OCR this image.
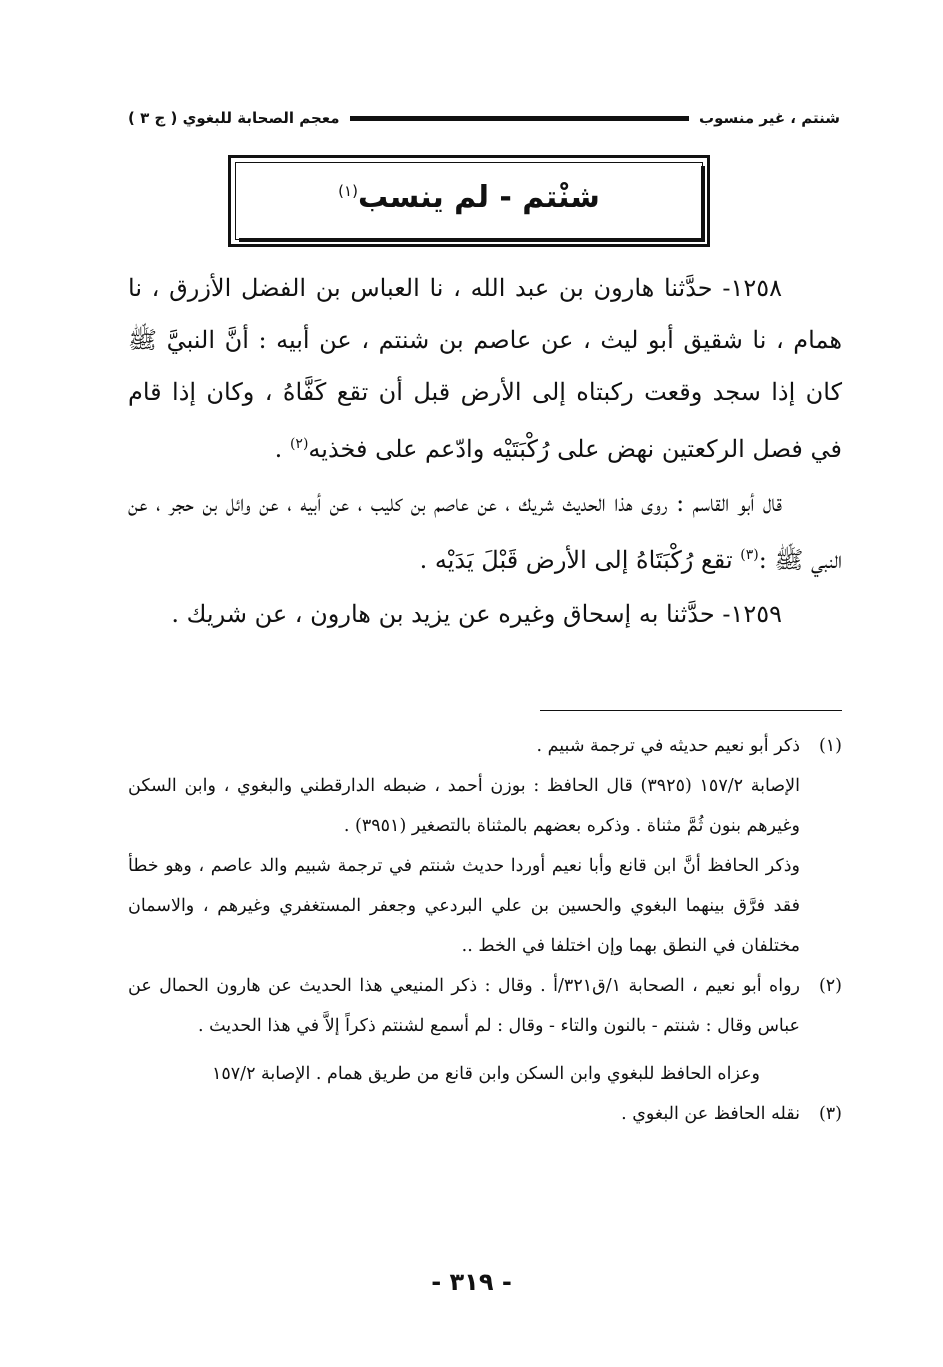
شنتم ، غير منسوب
معجم الصحابة للبغوي ( ج ٣ )
شنْتم - لم ينسب$^{(١)}$

١٢٥٨- حدَّثنا هارون بن عبد الله ، نا العباس بن الفضل الأزرق ، نا همام ، نا شقيق أبو ليث ، عن عاصم بن شنتم ، عن أبيه : أنَّ النبيَّ ﷺ كان إذا سجد وقعت ركبتاه إلى الأرض قبل أن تقع كَفَّاهُ ، وكان إذا قام في فصل الركعتين نهض على رُكْبَتَيْه وادّعم على فخذيه$^{(٢)}$ .

قال أبو القاسم : روى هذا الحديث شريك ، عن عاصم بن كليب ، عن أبيه ، عن وائل بن حجر ، عن النبي ﷺ :$^{(٣)}$ تقع رُكْبَتَاهُ إلى الأرض قَبْلَ يَدَيْه .

١٢٥٩- حدَّثنا به إسحاق وغيره عن يزيد بن هارون ، عن شريك .

(١)

ذكر أبو نعيم حديثه في ترجمة شبيم .

الإصابة ١٥٧/٢ (٣٩٢٥) قال الحافظ : بوزن أحمد ، ضبطه الدارقطني والبغوي ، وابن السكن وغيرهم بنون ثُمَّ مثناة . وذكره بعضهم بالمثناة بالتصغير (٣٩٥١) .

وذكر الحافظ أنَّ ابن قانع وأبا نعيم أوردا حديث شنتم في ترجمة شبيم والد عاصم ، وهو خطأ فقد فرَّق بينهما البغوي والحسين بن علي البردعي وجعفر المستغفري وغيرهم ، والاسمان مختلفان في النطق بهما وإن اختلفا في الخط ..

(٢)

رواه أبو نعيم ، الصحابة ١/ق٣٢١/أ . وقال : ذكر المنيعي هذا الحديث عن هارون الحمال عن عباس وقال : شنتم - بالنون والتاء - وقال : لم أسمع لشنتم ذكراً إلاَّ في هذا الحديث .

وعزاه الحافظ للبغوي وابن السكن وابن قانع من طريق همام . الإصابة ١٥٧/٢

(٣)

نقله الحافظ عن البغوي .

- ٣١٩ -
